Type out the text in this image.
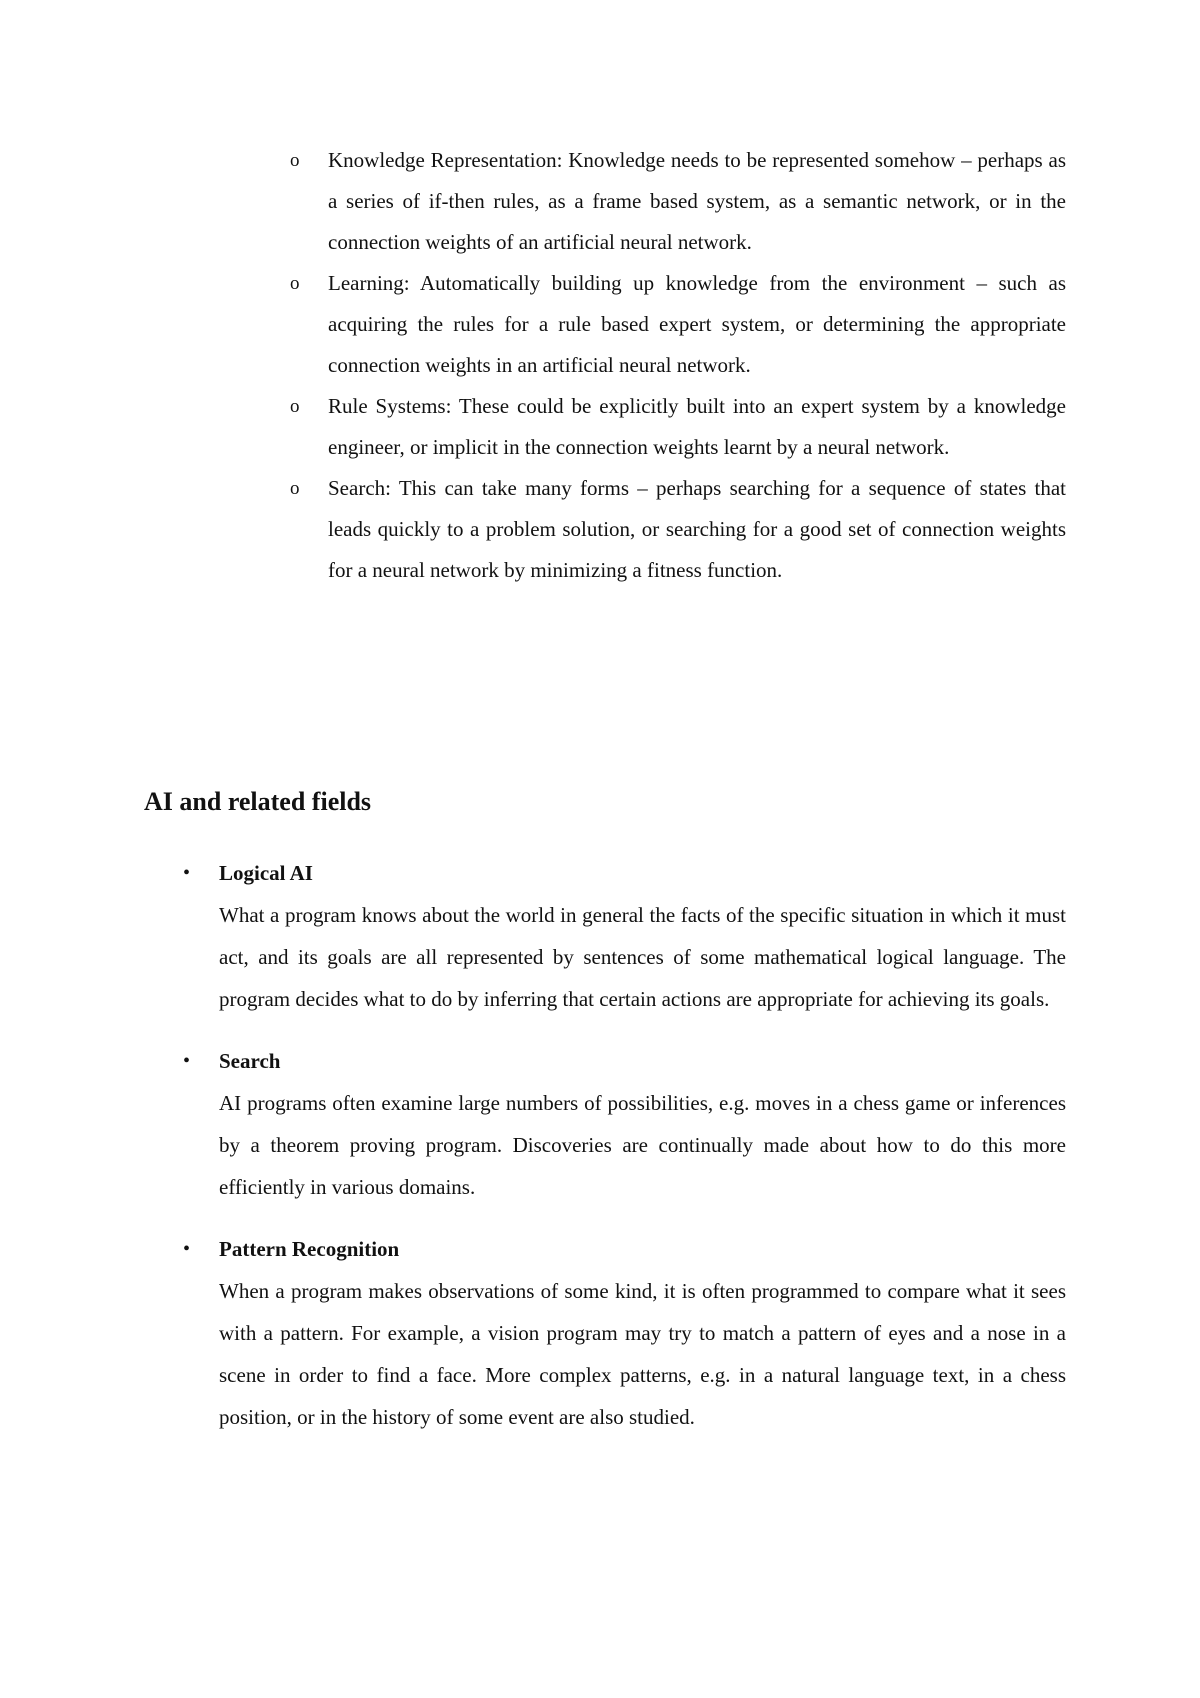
o Knowledge Representation: Knowledge needs to be represented somehow – perhaps as a series of if-then rules, as a frame based system, as a semantic network, or in the connection weights of an artificial neural network.

o Learning: Automatically building up knowledge from the environment – such as acquiring the rules for a rule based expert system, or determining the appropriate connection weights in an artificial neural network.

o Rule Systems: These could be explicitly built into an expert system by a knowledge engineer, or implicit in the connection weights learnt by a neural network.

o Search: This can take many forms – perhaps searching for a sequence of states that leads quickly to a problem solution, or searching for a good set of connection weights for a neural network by minimizing a fitness function.

AI and related fields
• Logical AI

What a program knows about the world in general the facts of the specific situation in which it must act, and its goals are all represented by sentences of some mathematical logical language. The program decides what to do by inferring that certain actions are appropriate for achieving its goals.

• Search

AI programs often examine large numbers of possibilities, e.g. moves in a chess game or inferences by a theorem proving program. Discoveries are continually made about how to do this more efficiently in various domains.

• Pattern Recognition

When a program makes observations of some kind, it is often programmed to compare what it sees with a pattern. For example, a vision program may try to match a pattern of eyes and a nose in a scene in order to find a face. More complex patterns, e.g. in a natural language text, in a chess position, or in the history of some event are also studied.
